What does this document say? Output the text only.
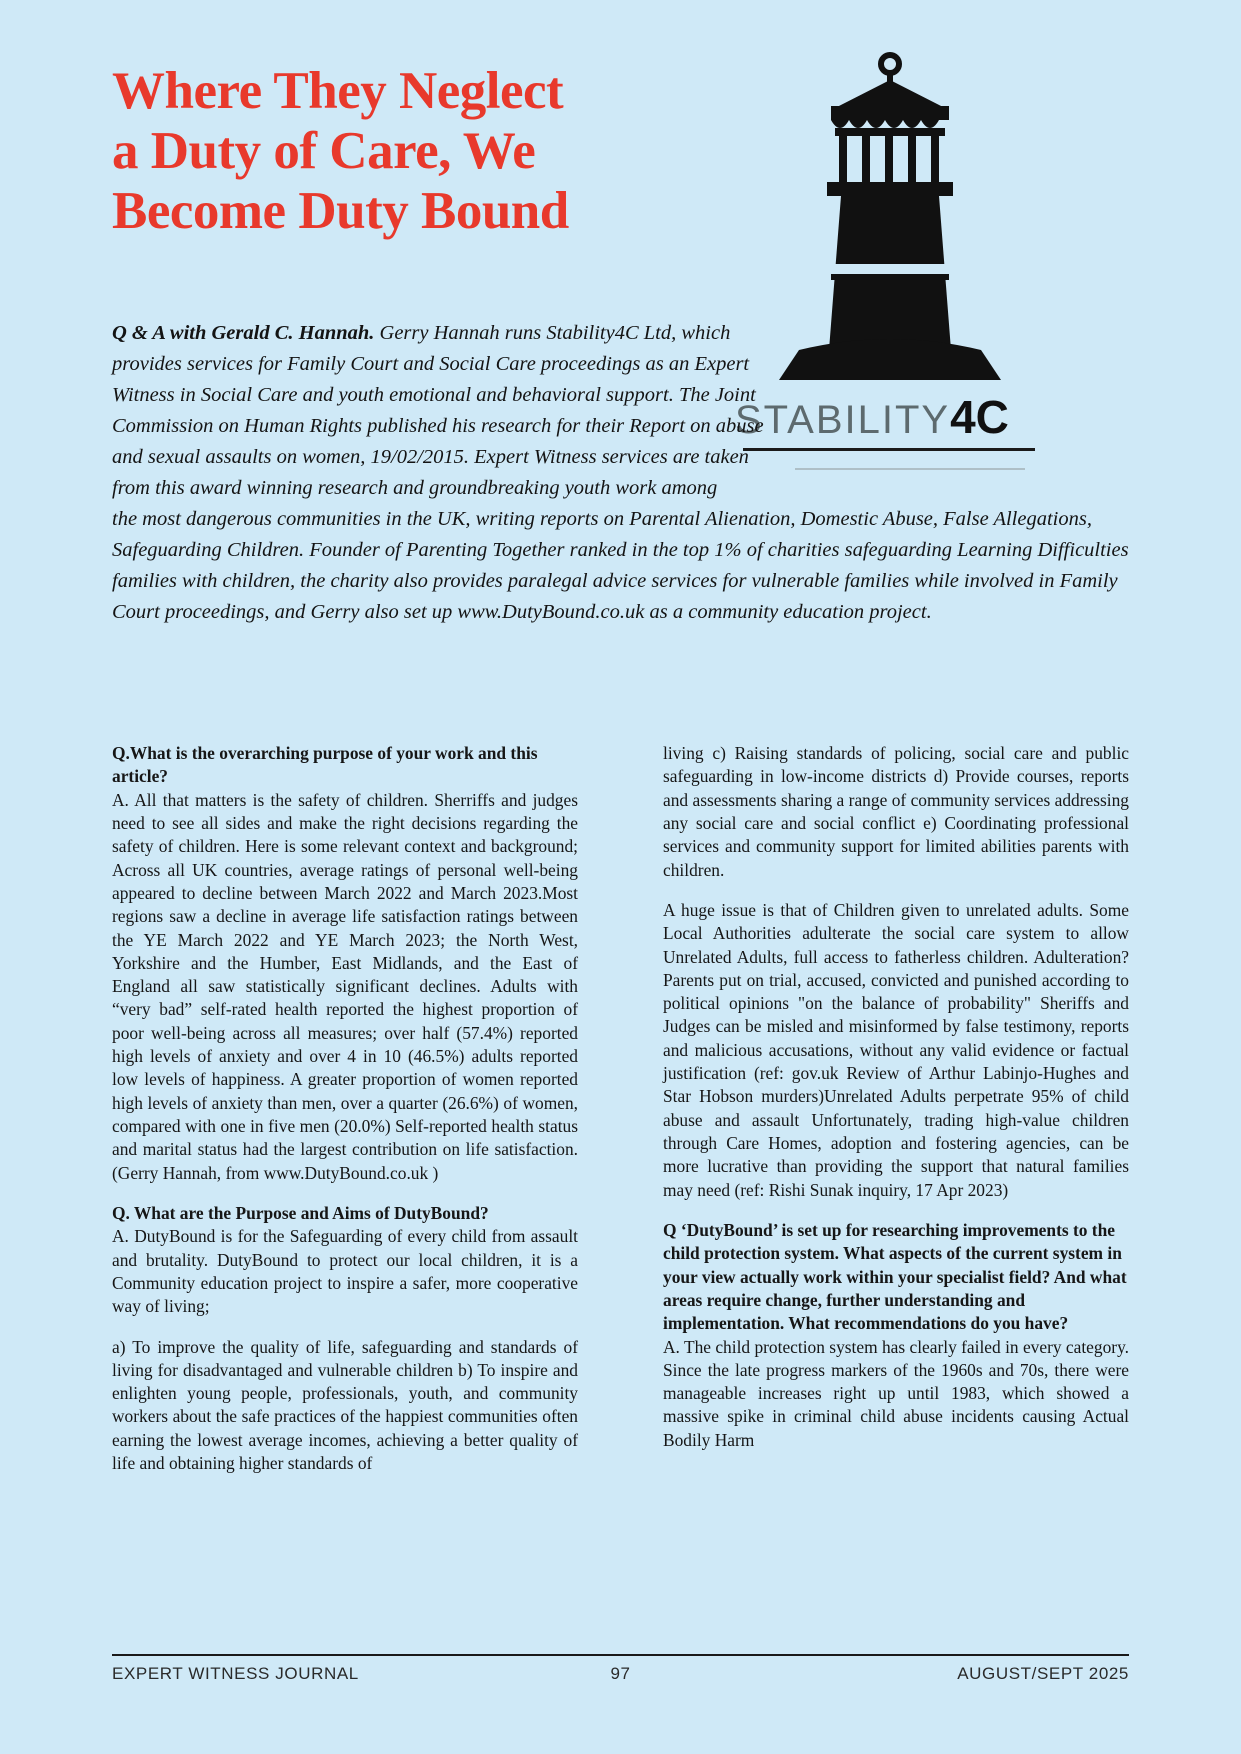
Where They Neglect
a Duty of Care, We
Become Duty Bound
STABILITY4C
Q & A with Gerald C. Hannah. Gerry Hannah runs Stability4C Ltd, which provides services for Family Court and Social Care proceedings as an Expert Witness in Social Care and youth emotional and behavioral support. The Joint Commission on Human Rights published his research for their Report on abuse and sexual assaults on women, 19/02/2015. Expert Witness services are taken from this award winning research and groundbreaking youth work among
the most dangerous communities in the UK, writing reports on Parental Alienation, Domestic Abuse, False Allegations, Safeguarding Children. Founder of Parenting Together ranked in the top 1% of charities safeguarding Learning Difficulties families with children, the charity also provides paralegal advice services for vulnerable families while involved in Family Court proceedings, and Gerry also set up www.DutyBound.co.uk as a community education project.

Q.What is the overarching purpose of your work and this article?

A. All that matters is the safety of children. Sherriffs and judges need to see all sides and make the right decisions regarding the safety of children. Here is some relevant context and background; Across all UK countries, average ratings of personal well-being appeared to decline between March 2022 and March 2023.Most regions saw a decline in average life satisfaction ratings between the YE March 2022 and YE March 2023; the North West, Yorkshire and the Humber, East Midlands, and the East of England all saw statistically significant declines. Adults with “very bad” self-rated health reported the highest proportion of poor well-being across all measures; over half (57.4%) reported high levels of anxiety and over 4 in 10 (46.5%) adults reported low levels of happiness. A greater proportion of women reported high levels of anxiety than men, over a quarter (26.6%) of women, compared with one in five men (20.0%) Self-reported health status and marital status had the largest contribution on life satisfaction. (Gerry Hannah, from www.DutyBound.co.uk )

Q. What are the Purpose and Aims of DutyBound?

A. DutyBound is for the Safeguarding of every child from assault and brutality. DutyBound to protect our local children, it is a Community education project to inspire a safer, more cooperative way of living;

a) To improve the quality of life, safeguarding and standards of living for disadvantaged and vulnerable children b) To inspire and enlighten young people, professionals, youth, and community workers about the safe practices of the happiest communities often earning the lowest average incomes, achieving a better quality of life and obtaining higher standards of

living c) Raising standards of policing, social care and public safeguarding in low-income districts d) Provide courses, reports and assessments sharing a range of community services addressing any social care and social conflict e) Coordinating professional services and community support for limited abilities parents with children.

A huge issue is that of Children given to unrelated adults. Some Local Authorities adulterate the social care system to allow Unrelated Adults, full access to fatherless children. Adulteration? Parents put on trial, accused, convicted and punished according to political opinions "on the balance of probability" Sheriffs and Judges can be misled and misinformed by false testimony, reports and malicious accusations, without any valid evidence or factual justification (ref: gov.uk Review of Arthur Labinjo-Hughes and Star Hobson murders)Unrelated Adults perpetrate 95% of child abuse and assault Unfortunately, trading high-value children through Care Homes, adoption and fostering agencies, can be more lucrative than providing the support that natural families may need (ref: Rishi Sunak inquiry, 17 Apr 2023)

Q ‘DutyBound’ is set up for researching improvements to the child protection system. What aspects of the current system in your view actually work within your specialist field? And what areas require change, further understanding and implementation. What recommendations do you have?

A. The child protection system has clearly failed in every category. Since the late progress markers of the 1960s and 70s, there were manageable increases right up until 1983, which showed a massive spike in criminal child abuse incidents causing Actual Bodily Harm

EXPERT WITNESS JOURNAL	97	AUGUST/SEPT 2025
